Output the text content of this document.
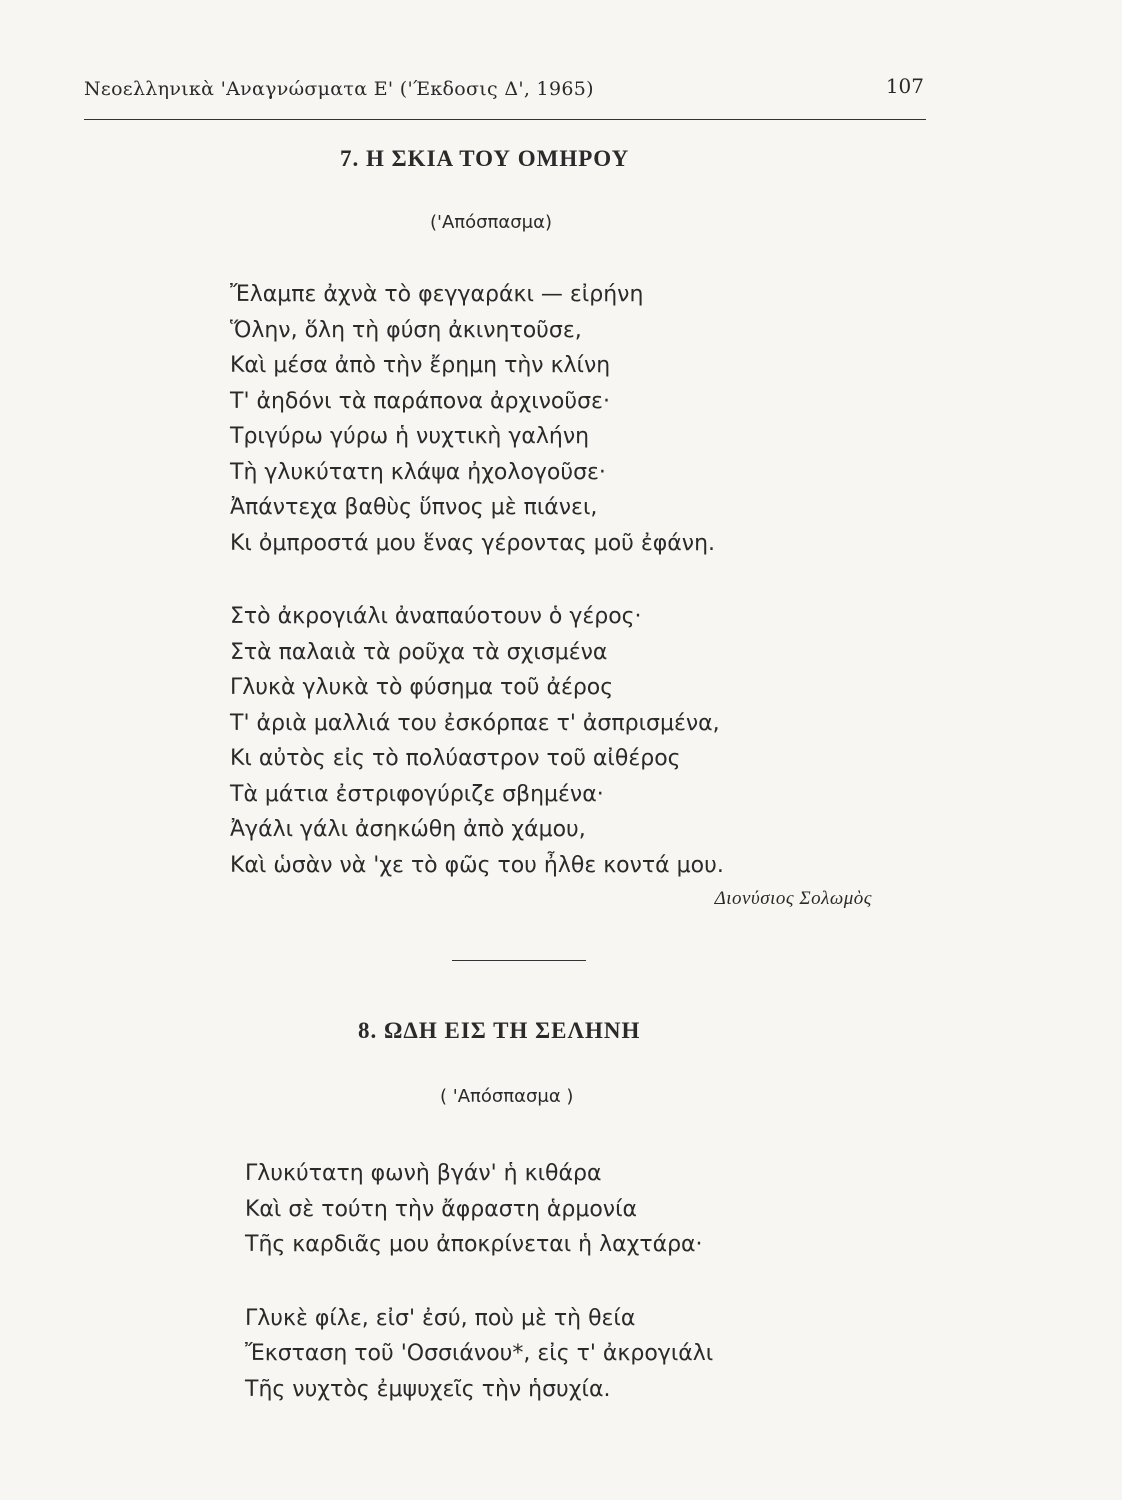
Νεοελληνικὰ 'Αναγνώσματα Ε' ('Έκδοσις Δ', 1965)	107
7. Η ΣΚΙΑ ΤΟΥ ΟΜΗΡΟΥ
('Απόσπασμα)
Ἔλαμπε ἀχνὰ τὸ φεγγαράκι — εἰρήνη
Ὅλην, ὅλη τὴ φύση ἀκινητοῦσε,
Καὶ μέσα ἀπὸ τὴν ἔρημη τὴν κλίνη
Τ' ἀηδόνι τὰ παράπονα ἀρχινοῦσε·
Τριγύρω γύρω ἡ νυχτικὴ γαλήνη
Τὴ γλυκύτατη κλάψα ἠχολογοῦσε·
Ἀπάντεχα βαθὺς ὕπνος μὲ πιάνει,
Κι ὀμπροστά μου ἕνας γέροντας μοῦ ἐφάνη.
Στὸ ἀκρογιάλι ἀναπαύοτουν ὁ γέρος·
Στὰ παλαιὰ τὰ ροῦχα τὰ σχισμένα
Γλυκὰ γλυκὰ τὸ φύσημα τοῦ ἀέρος
Τ' ἀριὰ μαλλιά του ἐσκόρπαε τ' ἀσπρισμένα,
Κι αὐτὸς εἰς τὸ πολύαστρον τοῦ αἰθέρος
Τὰ μάτια ἐστριφογύριζε σβημένα·
Ἀγάλι γάλι ἀσηκώθη ἀπὸ χάμου,
Καὶ ὡσὰν νὰ 'χε τὸ φῶς του ἦλθε κοντά μου.
Διονύσιος Σολωμὸς
8. ΩΔΗ ΕΙΣ ΤΗ ΣΕΛΗΝΗ
( 'Απόσπασμα )
Γλυκύτατη φωνὴ βγάν' ἡ κιθάρα
Καὶ σὲ τούτη τὴν ἄφραστη ἁρμονία
Τῆς καρδιᾶς μου ἀποκρίνεται ἡ λαχτάρα·
Γλυκὲ φίλε, εἰσ' ἐσύ, ποὺ μὲ τὴ θεία
Ἔκσταση τοῦ 'Οσσιάνου*, εἰς τ' ἀκρογιάλι
Τῆς νυχτὸς ἐμψυχεῖς τὴν ἡσυχία.
